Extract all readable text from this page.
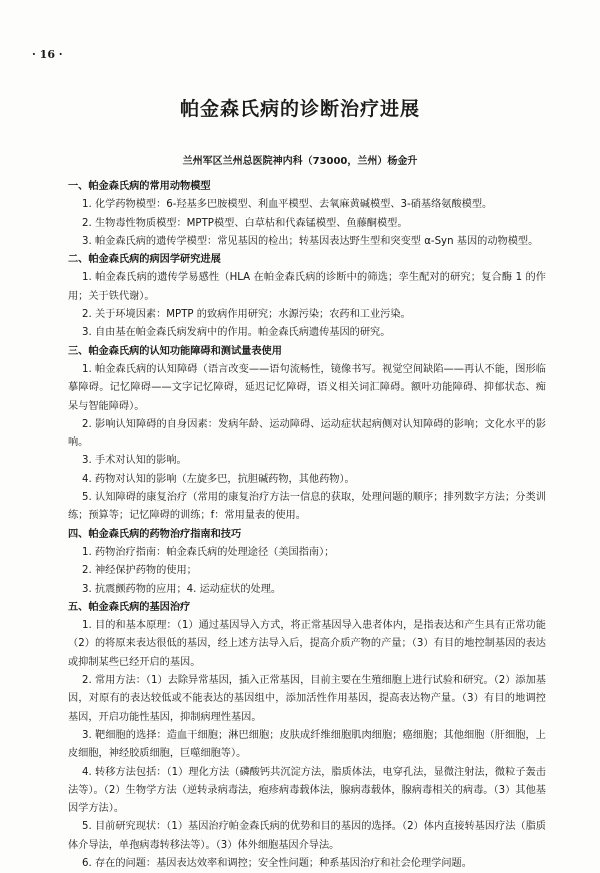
· 16 ·
帕金森氏病的诊断治疗进展
兰州军区兰州总医院神内科（73000，兰州）杨金升

一、帕金森氏病的常用动物模型

1. 化学药物模型：6-羟基多巴胺模型、利血平模型、去氧麻黄碱模型、3-硝基络氨酸模型。

2. 生物毒性物质模型：MPTP模型、白草枯和代森锰模型、鱼藤酮模型。

3. 帕金森氏病的遗传学模型：常见基因的检出；转基因表达野生型和突变型 α-Syn 基因的动物模型。

二、帕金森氏病的病因学研究进展

1. 帕金森氏病的遗传学易感性（HLA 在帕金森氏病的诊断中的筛选；孪生配对的研究；复合酶 1 的作用；关于铁代谢）。

2. 关于环境因素：MPTP 的致病作用研究；水源污染；农药和工业污染。

3. 自由基在帕金森氏病发病中的作用。帕金森氏病遗传基因的研究。

三、帕金森氏病的认知功能障碍和测试量表使用

1. 帕金森氏病的认知障碍（语言改变——语句流畅性，镜像书写。视觉空间缺陷——再认不能，图形临摹障碍。记忆障碍——文字记忆障碍，延迟记忆障碍，语义相关词汇障碍。额叶功能障碍、抑郁状态、痴呆与智能障碍）。

2. 影响认知障碍的自身因素：发病年龄、运动障碍、运动症状起病侧对认知障碍的影响；文化水平的影响。

3. 手术对认知的影响。

4. 药物对认知的影响（左旋多巴，抗胆碱药物，其他药物）。

5. 认知障碍的康复治疗（常用的康复治疗方法一信息的获取，处理问题的顺序；排列数字方法；分类训练；预算等；记忆障碍的训练；f：常用量表的使用。

四、帕金森氏病的药物治疗指南和技巧

1. 药物治疗指南：帕金森氏病的处理途径（美国指南）；

2. 神经保护药物的使用；

3. 抗震颤药物的应用；4. 运动症状的处理。

五、帕金森氏病的基因治疗

1. 目的和基本原理：（1）通过基因导入方式，将正常基因导入患者体内，是指表达和产生具有正常功能（2）的将原来表达很低的基因，经上述方法导入后，提高介质产物的产量；（3）有目的地控制基因的表达或抑制某些已经开启的基因。

2. 常用方法：（1）去除异常基因，插入正常基因，目前主要在生殖细胞上进行试验和研究。（2）添加基因，对原有的表达较低或不能表达的基因组中，添加活性作用基因，提高表达物产量。（3）有目的地调控基因，开启功能性基因，抑制病理性基因。

3. 靶细胞的选择：造血干细胞；淋巴细胞；皮肤成纤维细胞肌肉细胞；癌细胞；其他细胞（肝细胞，上皮细胞，神经胶质细胞，巨噬细胞等）。

4. 转移方法包括：（1）理化方法（磷酸钙共沉淀方法，脂质体法，电穿孔法，显微注射法，微粒子轰击法等）。（2）生物学方法（逆转录病毒法，疱疹病毒载体法，腺病毒载体，腺病毒相关的病毒。（3）其他基因学方法）。

5. 目前研究现状：（1）基因治疗帕金森氏病的优势和目的基因的选择。（2）体内直接转基因疗法（脂质体介导法，单孢病毒转移法等）。（3）体外细胞基因介导法。

6. 存在的问题：基因表达效率和调控；安全性问题；种系基因治疗和社会伦理学问题。
